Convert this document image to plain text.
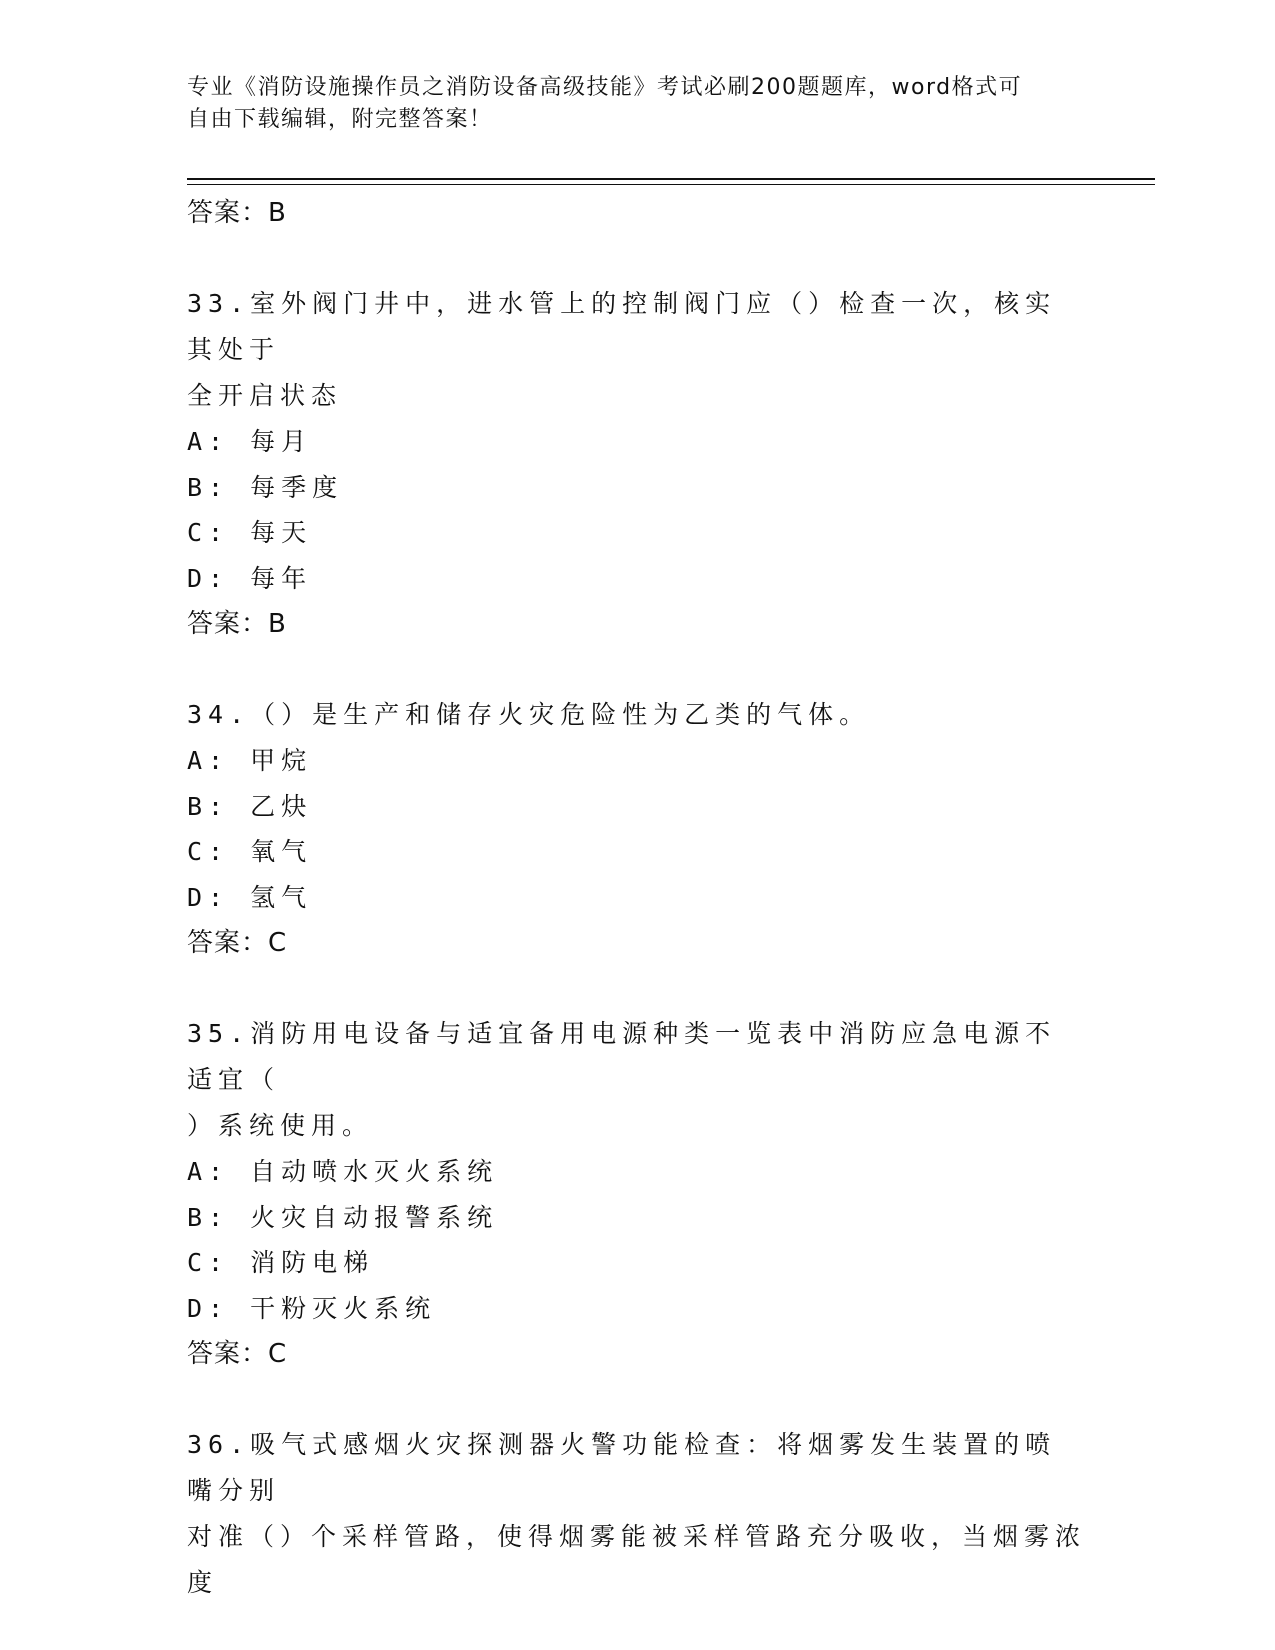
专业《消防设施操作员之消防设备高级技能》考试必刷200题题库，word格式可
自由下载编辑，附完整答案！
答案：B
33.室外阀门井中，进水管上的控制阀门应（）检查一次，核实其处于
全开启状态
A: 每月
B: 每季度
C: 每天
D: 每年
答案：B
34.（）是生产和储存火灾危险性为乙类的气体。
A: 甲烷
B: 乙炔
C: 氧气
D: 氢气
答案：C
35.消防用电设备与适宜备用电源种类一览表中消防应急电源不适宜（
）系统使用。
A: 自动喷水灭火系统
B: 火灾自动报警系统
C: 消防电梯
D: 干粉灭火系统
答案：C
36.吸气式感烟火灾探测器火警功能检查：将烟雾发生装置的喷嘴分别
对准（）个采样管路，使得烟雾能被采样管路充分吸收，当烟雾浓度
